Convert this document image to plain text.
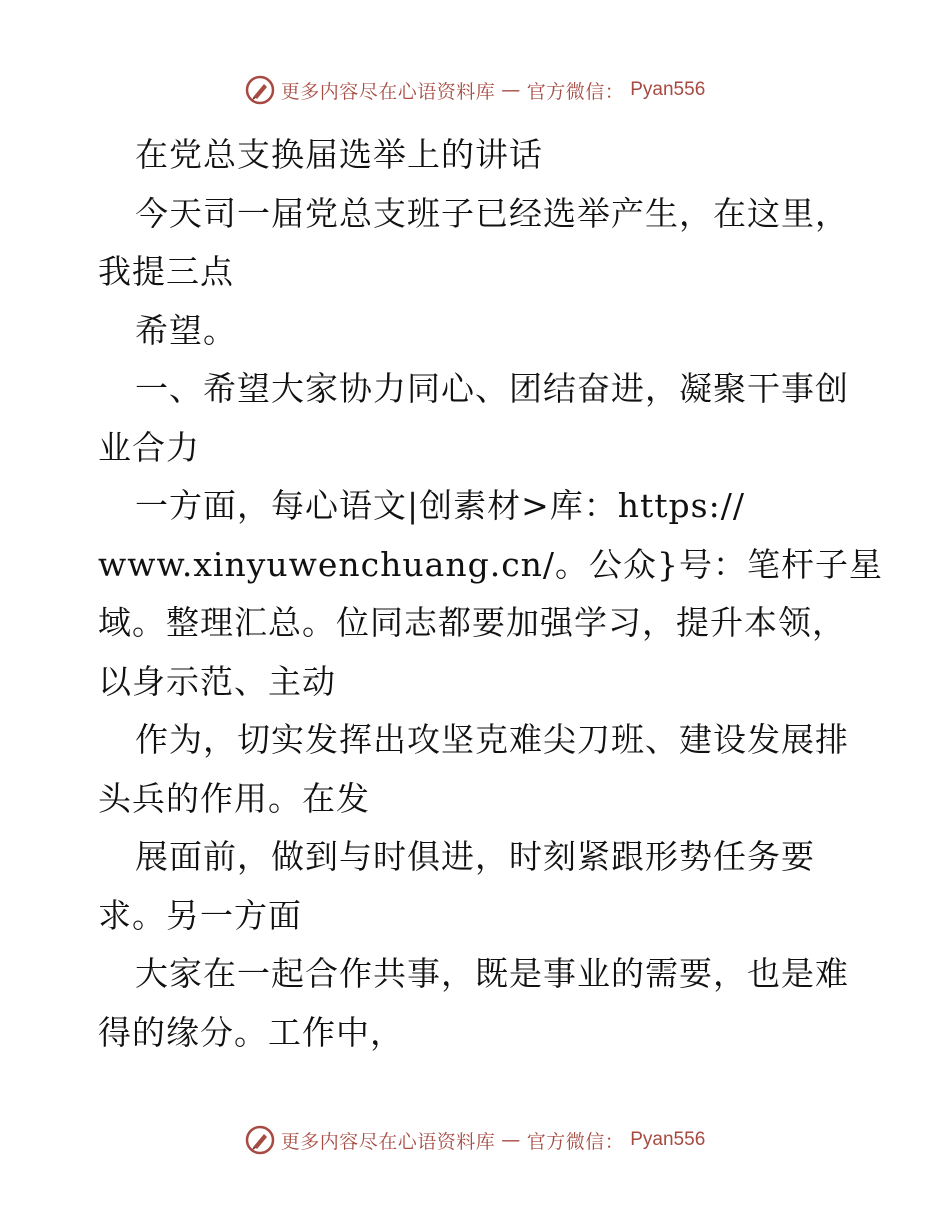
更多内容尽在心语资料库 — 官方微信： Pyan556
在党总支换届选举上的讲话
今天司一届党总支班子已经选举产生，在这里，
我提三点
希望。
一、希望大家协力同心、团结奋进，凝聚干事创
业合力
一方面，每心语文|创素材>库：https://
www.xinyuwenchuang.cn/。公众}号：笔杆子星
域。整理汇总。位同志都要加强学习，提升本领，
以身示范、主动
作为，切实发挥出攻坚克难尖刀班、建设发展排
头兵的作用。在发
展面前，做到与时俱进，时刻紧跟形势任务要
求。另一方面
大家在一起合作共事，既是事业的需要，也是难
得的缘分。工作中，
更多内容尽在心语资料库 — 官方微信： Pyan556
